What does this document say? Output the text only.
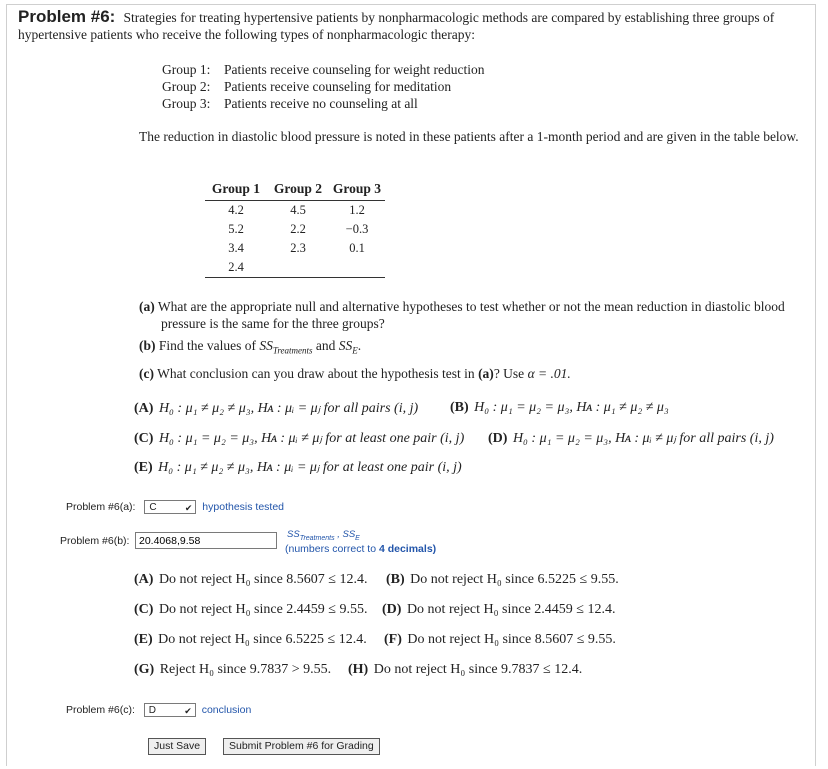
Problem #6: Strategies for treating hypertensive patients by nonpharmacologic methods are compared by establishing three groups of hypertensive patients who receive the following types of nonpharmacologic therapy:
Group 1: Patients receive counseling for weight reduction
Group 2: Patients receive counseling for meditation
Group 3: Patients receive no counseling at all
The reduction in diastolic blood pressure is noted in these patients after a 1-month period and are given in the table below.
Group 1	Group 2	Group 3
4.2	4.5	1.2
5.2	2.2	−0.3
3.4	2.3	0.1
2.4		
(a) What are the appropriate null and alternative hypotheses to test whether or not the mean reduction in diastolic blood pressure is the same for the three groups?
(b) Find the values of $SS_{Treatments}$ and $SS_E$.
(c) What conclusion can you draw about the hypothesis test in (a)? Use α = .01.
(A) H₀ : μ₁ ≠ μ₂ ≠ μ₃, Hᴀ : μᵢ = μⱼ for all pairs (i, j) (B) H₀ : μ₁ = μ₂ = μ₃, Hᴀ : μ₁ ≠ μ₂ ≠ μ₃
(C) H₀ : μ₁ = μ₂ = μ₃, Hᴀ : μᵢ ≠ μⱼ for at least one pair (i, j) (D) H₀ : μ₁ = μ₂ = μ₃, Hᴀ : μᵢ ≠ μⱼ for all pairs (i, j)
(E) H₀ : μ₁ ≠ μ₂ ≠ μ₃, Hᴀ : μᵢ = μⱼ for at least one pair (i, j)
Problem #6(a): C	✔ hypothesis tested
Problem #6(b):
20.4068,9.58
$SS_{Treatments}$ , $SS_E$
(numbers correct to 4 decimals)
(A) Do not reject H₀ since 8.5607 ≤ 12.4. (B) Do not reject H₀ since 6.5225 ≤ 9.55.
(C) Do not reject H₀ since 2.4459 ≤ 9.55. (D) Do not reject H₀ since 2.4459 ≤ 12.4.
(E) Do not reject H₀ since 6.5225 ≤ 12.4. (F) Do not reject H₀ since 8.5607 ≤ 9.55.
(G) Reject H₀ since 9.7837 > 9.55. (H) Do not reject H₀ since 9.7837 ≤ 12.4.
Problem #6(c): D	✔ conclusion
Just Save	Submit Problem #6 for Grading
